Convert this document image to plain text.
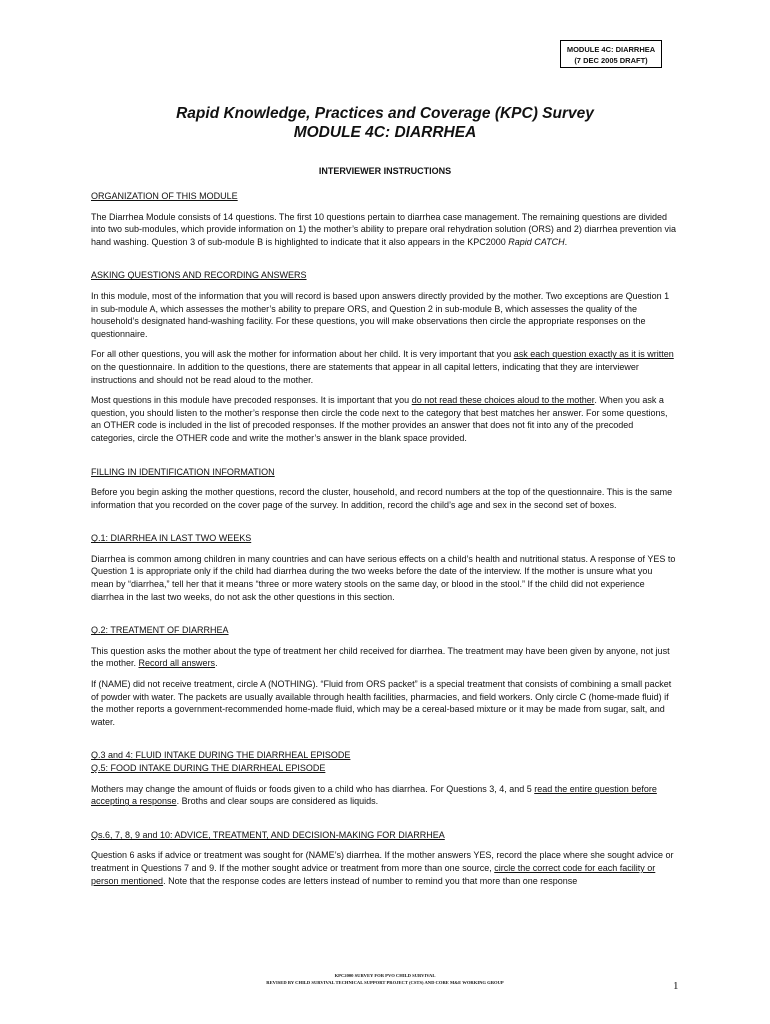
MODULE 4C: DIARRHEA
(7 DEC 2005 DRAFT)
Rapid Knowledge, Practices and Coverage (KPC) Survey
MODULE 4C: DIARRHEA
INTERVIEWER INSTRUCTIONS
ORGANIZATION OF THIS MODULE

The Diarrhea Module consists of 14 questions. The first 10 questions pertain to diarrhea case management. The remaining questions are divided into two sub-modules, which provide information on 1) the mother’s ability to prepare oral rehydration solution (ORS) and 2) diarrhea prevention via hand washing. Question 3 of sub-module B is highlighted to indicate that it also appears in the KPC2000 Rapid CATCH.

ASKING QUESTIONS AND RECORDING ANSWERS

In this module, most of the information that you will record is based upon answers directly provided by the mother. Two exceptions are Question 1 in sub-module A, which assesses the mother’s ability to prepare ORS, and Question 2 in sub-module B, which assesses the quality of the household’s designated hand-washing facility. For these questions, you will make observations then circle the appropriate responses on the questionnaire.

For all other questions, you will ask the mother for information about her child. It is very important that you ask each question exactly as it is written on the questionnaire. In addition to the questions, there are statements that appear in all capital letters, indicating that they are interviewer instructions and should not be read aloud to the mother.

Most questions in this module have precoded responses. It is important that you do not read these choices aloud to the mother. When you ask a question, you should listen to the mother’s response then circle the code next to the category that best matches her answer. For some questions, an OTHER code is included in the list of precoded responses. If the mother provides an answer that does not fit into any of the precoded categories, circle the OTHER code and write the mother’s answer in the blank space provided.

FILLING IN IDENTIFICATION INFORMATION

Before you begin asking the mother questions, record the cluster, household, and record numbers at the top of the questionnaire. This is the same information that you recorded on the cover page of the survey. In addition, record the child’s age and sex in the second set of boxes.

Q.1: DIARRHEA IN LAST TWO WEEKS

Diarrhea is common among children in many countries and can have serious effects on a child’s health and nutritional status. A response of YES to Question 1 is appropriate only if the child had diarrhea during the two weeks before the date of the interview. If the mother is unsure what you mean by “diarrhea,” tell her that it means “three or more watery stools on the same day, or blood in the stool.” If the child did not experience diarrhea in the last two weeks, do not ask the other questions in this section.

Q.2: TREATMENT OF DIARRHEA

This question asks the mother about the type of treatment her child received for diarrhea. The treatment may have been given by anyone, not just the mother. Record all answers.

If (NAME) did not receive treatment, circle A (NOTHING). “Fluid from ORS packet” is a special treatment that consists of combining a small packet of powder with water. The packets are usually available through health facilities, pharmacies, and field workers. Only circle C (home-made fluid) if the mother reports a government-recommended home-made fluid, which may be a cereal-based mixture or it may be made from sugar, salt, and water.

Q.3 and 4: FLUID INTAKE DURING THE DIARRHEAL EPISODE
Q.5: FOOD INTAKE DURING THE DIARRHEAL EPISODE

Mothers may change the amount of fluids or foods given to a child who has diarrhea. For Questions 3, 4, and 5 read the entire question before accepting a response. Broths and clear soups are considered as liquids.

Qs.6, 7, 8, 9 and 10: ADVICE, TREATMENT, AND DECISION-MAKING FOR DIARRHEA

Question 6 asks if advice or treatment was sought for (NAME’s) diarrhea. If the mother answers YES, record the place where she sought advice or treatment in Questions 7 and 9. If the mother sought advice or treatment from more than one source, circle the correct code for each facility or person mentioned. Note that the response codes are letters instead of number to remind you that more than one response

KPC2000 SURVEY FOR PVO CHILD SURVIVAL
REVISED BY CHILD SURVIVAL TECHNICAL SUPPORT PROJECT (CSTS) AND CORE M&E WORKING GROUP	1
